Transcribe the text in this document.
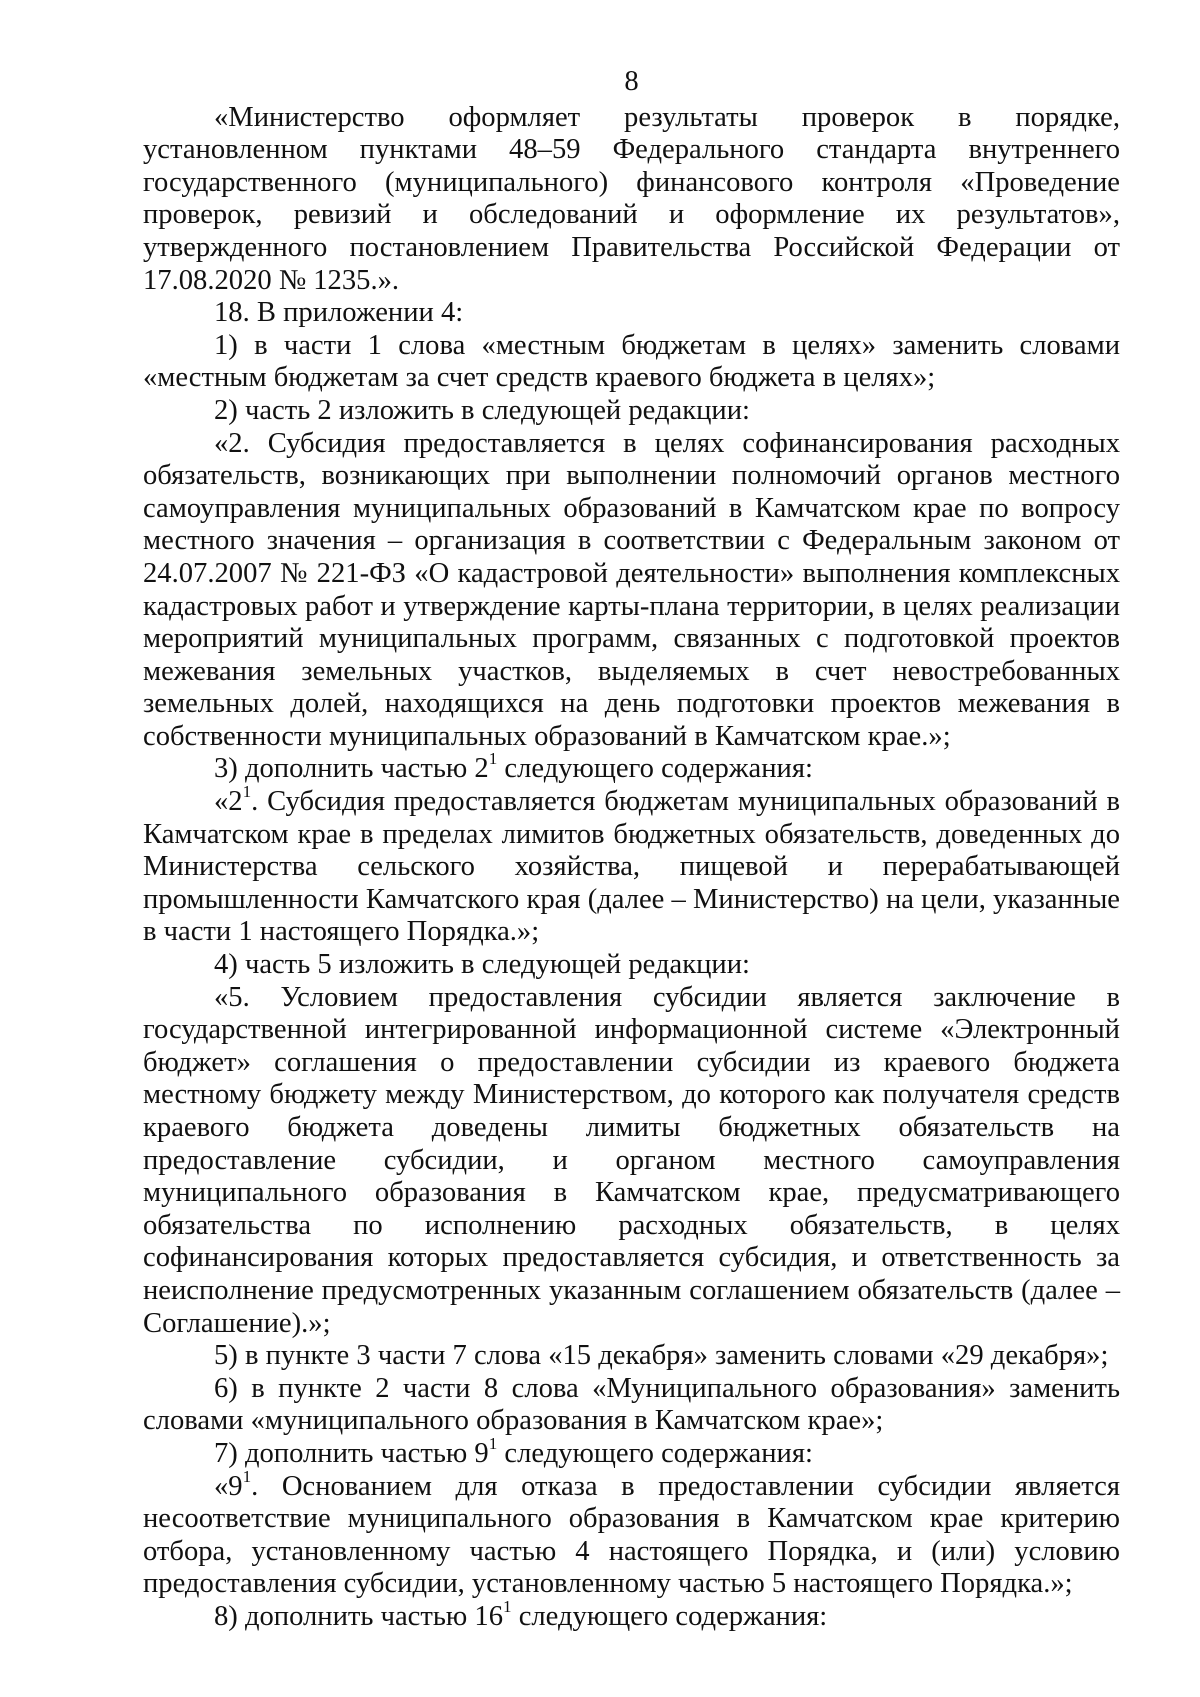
8

«Министерство оформляет результаты проверок в порядке, установленном пунктами 48–59 Федерального стандарта внутреннего государственного (муниципального) финансового контроля «Проведение проверок, ревизий и обследований и оформление их результатов», утвержденного постановлением Правительства Российской Федерации от 17.08.2020 № 1235.».

18. В приложении 4:

1) в части 1 слова «местным бюджетам в целях» заменить словами «местным бюджетам за счет средств краевого бюджета в целях»;

2) часть 2 изложить в следующей редакции:

«2. Субсидия предоставляется в целях софинансирования расходных обязательств, возникающих при выполнении полномочий органов местного самоуправления муниципальных образований в Камчатском крае по вопросу местного значения – организация в соответствии с Федеральным законом от 24.07.2007 № 221-ФЗ «О кадастровой деятельности» выполнения комплексных кадастровых работ и утверждение карты-плана территории, в целях реализации мероприятий муниципальных программ, связанных с подготовкой проектов межевания земельных участков, выделяемых в счет невостребованных земельных долей, находящихся на день подготовки проектов межевания в собственности муниципальных образований в Камчатском крае.»;

3) дополнить частью $2^1$ следующего содержания:

«$2^1$. Субсидия предоставляется бюджетам муниципальных образований в Камчатском крае в пределах лимитов бюджетных обязательств, доведенных до Министерства сельского хозяйства, пищевой и перерабатывающей промышленности Камчатского края (далее – Министерство) на цели, указанные в части 1 настоящего Порядка.»;

4) часть 5 изложить в следующей редакции:

«5. Условием предоставления субсидии является заключение в государственной интегрированной информационной системе «Электронный бюджет» соглашения о предоставлении субсидии из краевого бюджета местному бюджету между Министерством, до которого как получателя средств краевого бюджета доведены лимиты бюджетных обязательств на предоставление субсидии, и органом местного самоуправления муниципального образования в Камчатском крае, предусматривающего обязательства по исполнению расходных обязательств, в целях софинансирования которых предоставляется субсидия, и ответственность за неисполнение предусмотренных указанным соглашением обязательств (далее – Соглашение).»;

5) в пункте 3 части 7 слова «15 декабря» заменить словами «29 декабря»;

6) в пункте 2 части 8 слова «Муниципального образования» заменить словами «муниципального образования в Камчатском крае»;

7) дополнить частью $9^1$ следующего содержания:

«$9^1$. Основанием для отказа в предоставлении субсидии является несоответствие муниципального образования в Камчатском крае критерию отбора, установленному частью 4 настоящего Порядка, и (или) условию предоставления субсидии, установленному частью 5 настоящего Порядка.»;

8) дополнить частью $16^1$ следующего содержания:
